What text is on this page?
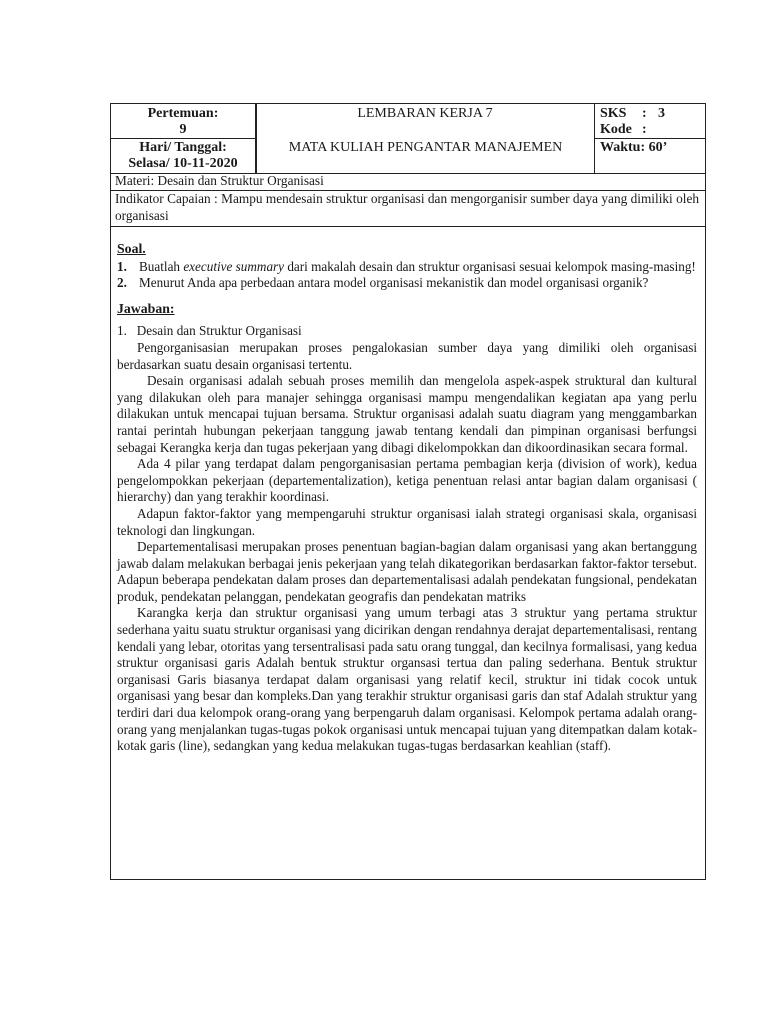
Pertemuan:
9
LEMBARAN KERJA 7	SKS : 3
Kode :
Hari/ Tanggal:
Selasa/ 10-11-2020
MATA KULIAH PENGANTAR MANAJEMEN	Waktu: 60’
Materi: Desain dan Struktur Organisasi
Indikator Capaian : Mampu mendesain struktur organisasi dan mengorganisir sumber daya yang dimiliki oleh organisasi
Soal.
1. Buatlah executive summary dari makalah desain dan struktur organisasi sesuai kelompok masing-masing!
2. Menurut Anda apa perbedaan antara model organisasi mekanistik dan model organisasi organik?
Jawaban:
1.   Desain dan Struktur Organisasi

Pengorganisasian merupakan proses pengalokasian sumber daya yang dimiliki oleh organisasi berdasarkan suatu desain organisasi tertentu.

Desain organisasi adalah sebuah proses memilih dan mengelola aspek-aspek struktural dan kultural yang dilakukan oleh para manajer sehingga organisasi mampu mengendalikan kegiatan apa yang perlu dilakukan untuk mencapai tujuan bersama. Struktur organisasi adalah suatu diagram yang menggambarkan rantai perintah hubungan pekerjaan tanggung jawab tentang kendali dan pimpinan organisasi berfungsi sebagai Kerangka kerja dan tugas pekerjaan yang dibagi dikelompokkan dan dikoordinasikan secara formal.

Ada 4 pilar yang terdapat dalam pengorganisasian pertama pembagian kerja (division of work), kedua pengelompokkan pekerjaan (departementalization), ketiga penentuan relasi antar bagian dalam organisasi ( hierarchy) dan yang terakhir koordinasi.

Adapun faktor-faktor yang mempengaruhi struktur organisasi ialah strategi organisasi skala, organisasi teknologi dan lingkungan.

Departementalisasi merupakan proses penentuan bagian-bagian dalam organisasi yang akan bertanggung jawab dalam melakukan berbagai jenis pekerjaan yang telah dikategorikan berdasarkan faktor-faktor tersebut. Adapun beberapa pendekatan dalam proses dan departementalisasi adalah pendekatan fungsional, pendekatan produk, pendekatan pelanggan, pendekatan geografis dan pendekatan matriks

Karangka kerja dan struktur organisasi yang umum terbagi atas 3 struktur yang pertama struktur sederhana yaitu suatu struktur organisasi yang dicirikan dengan rendahnya derajat departementalisasi, rentang kendali yang lebar, otoritas yang tersentralisasi pada satu orang tunggal, dan kecilnya formalisasi, yang kedua struktur organisasi garis Adalah bentuk struktur organsasi tertua dan paling sederhana. Bentuk struktur organisasi Garis biasanya terdapat dalam organisasi yang relatif kecil, struktur ini tidak cocok untuk organisasi yang besar dan kompleks.Dan yang terakhir struktur organisasi garis dan staf Adalah struktur yang terdiri dari dua kelompok orang-orang yang berpengaruh dalam organisasi. Kelompok pertama adalah orang-orang yang menjalankan tugas-tugas pokok organisasi untuk mencapai tujuan yang ditempatkan dalam kotak-kotak garis (line), sedangkan yang kedua melakukan tugas-tugas berdasarkan keahlian (staff).
